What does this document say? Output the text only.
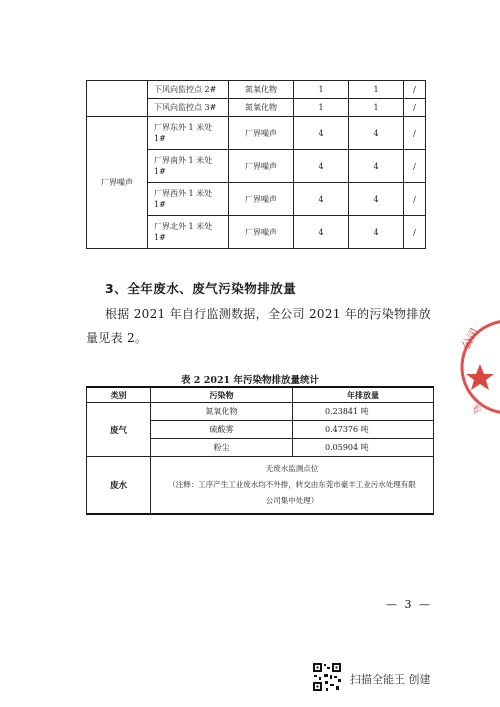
	下风向监控点 2#	氮氧化物	1	1	/
	下风向监控点 3#	氮氧化物	1	1	/
厂界噪声	厂界东外 1 米处 1#	厂界噪声	4	4	/
	厂界南外 1 米处 1#	厂界噪声	4	4	/
	厂界西外 1 米处 1#	厂界噪声	4	4	/
	厂界北外 1 米处 1#	厂界噪声	4	4	/
3、全年废水、废气污染物排放量
根据 2021 年自行监测数据，全公司 2021 年的污染物排放量见表 2。
表 2 2021 年污染物排放量统计
类别	污染物	年排放量
废气	氮氧化物	0.23841 吨
	硫酸雾	0.47376 吨
	粉尘	0.05904 吨
废水	无废水监测点位
（注释：工序产生工业废水均不外排，转交由东莞市豪丰工业污水处理有限
公司集中处理）	
— 3 —
公司
专
扫描全能王 创建
